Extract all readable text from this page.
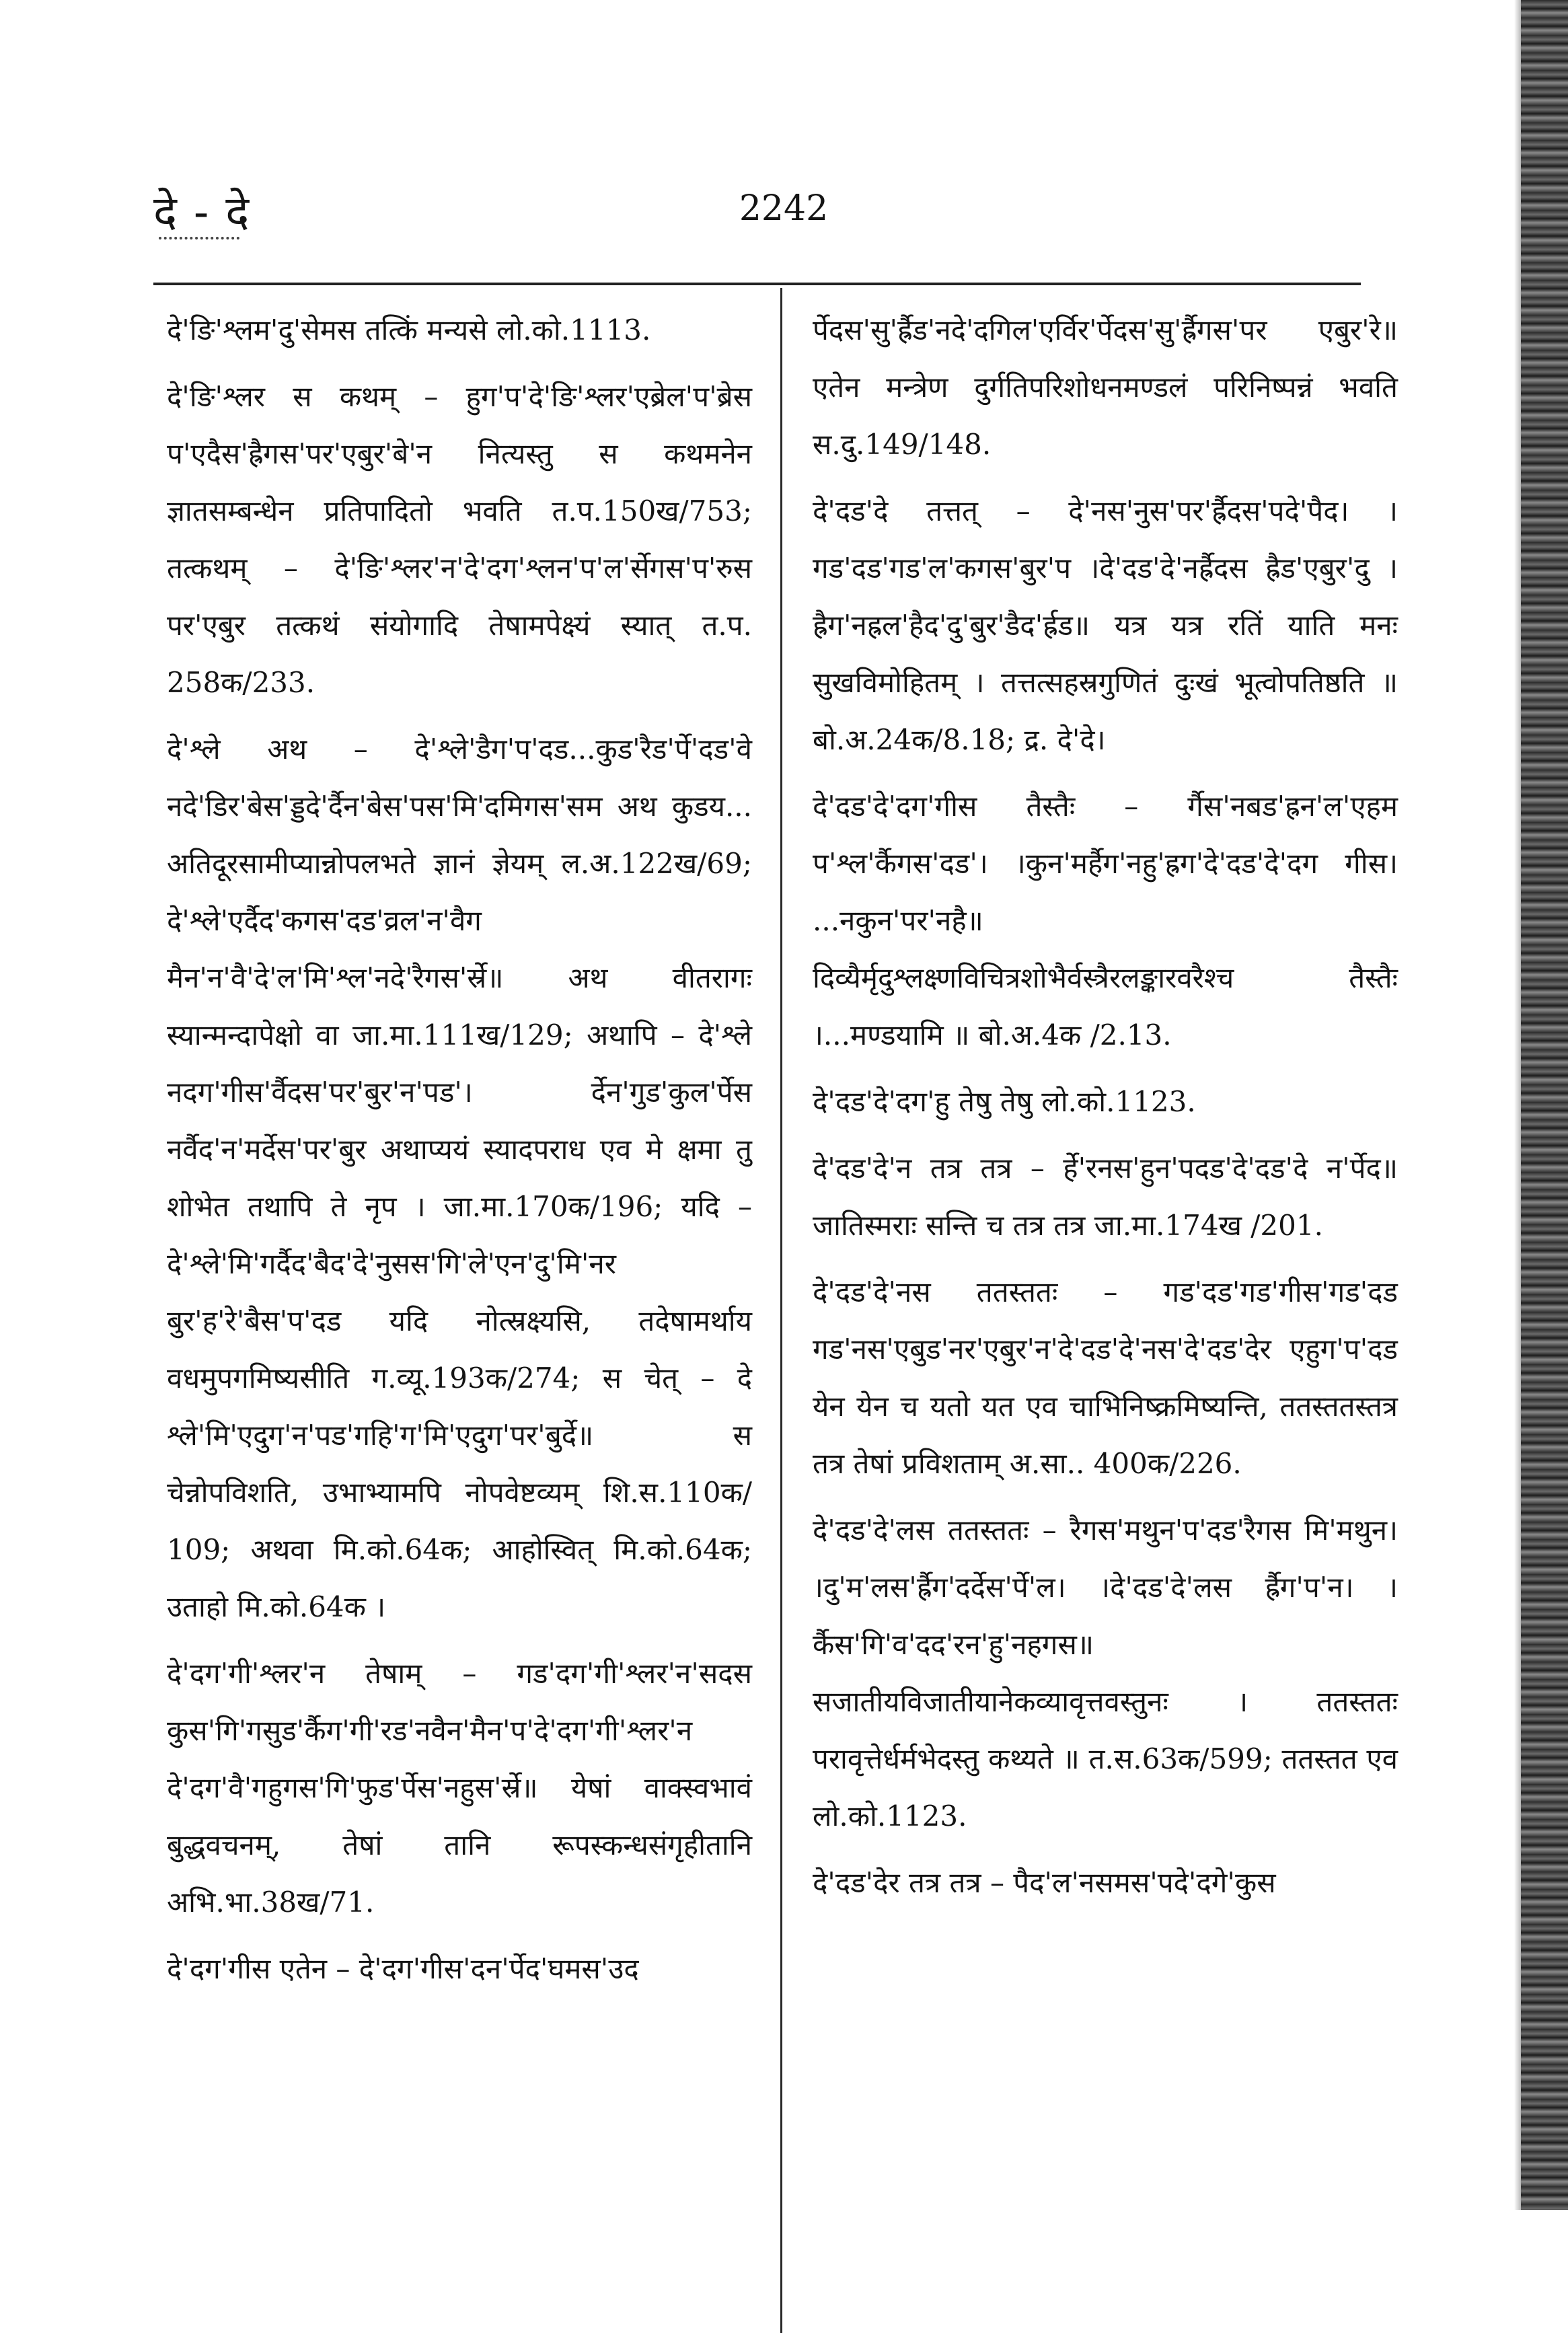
दे - दे	2242

दे'ङि'श्लम'दु'सेमस तत्किं मन्यसे लो.को.1113.

दे'ङि'श्लर स कथम् – हुग'प'दे'ङि'श्लर'एब्रेल'प'ब्रेस प'एदैस'ह्रैगस'पर'एबुर'बे'न नित्यस्तु स कथमनेन ज्ञातसम्बन्धेन प्रतिपादितो भवति त.प.150ख/753; तत्कथम् – दे'ङि'श्लर'न'दे'दग'श्लन'प'ल'र्सेगस'प'रुस पर'एबुर तत्कथं संयोगादि तेषामपेक्ष्यं स्यात् त.प. 258क/233.

दे'श्ले अथ – दे'श्ले'डैग'प'दड...कुड'रैड'र्पे'दड'वे नदे'डिर'बेस'ड्डदे'र्दैन'बेस'पस'मि'दमिगस'सम अथ कुडय... अतिदूरसामीप्यान्नोपलभते ज्ञानं ज्ञेयम् ल.अ.122ख/69; दे'श्ले'एर्दैद'कगस'दड'व्रल'न'वैग मैन'न'वै'दे'ल'मि'श्ल'नदे'रैगस'र्स्रे॥ अथ वीतरागः स्यान्मन्दापेक्षो वा जा.मा.111ख/129; अथापि – दे'श्ले नदग'गीस'र्वैदस'पर'बुर'न'पड'। र्देन'गुड'कुल'र्पेस नर्वैद'न'मर्देस'पर'बुर अथाप्ययं स्यादपराध एव मे क्षमा तु शोभेत तथापि ते नृप । जा.मा.170क/196; यदि – दे'श्ले'मि'गर्दैद'बैद'दे'नुसस'गि'ले'एन'दु'मि'नर बुर'ह'रे'बैस'प'दड यदि नोत्स्रक्ष्यसि, तदेषामर्थाय वधमुपगमिष्यसीति ग.व्यू.193क/274; स चेत् – दे श्ले'मि'एदुग'न'पड'गहि'ग'मि'एदुग'पर'बुर्दे॥ स चेन्नोपविशति, उभाभ्यामपि नोपवेष्टव्यम् शि.स.110क/ 109; अथवा मि.को.64क; आहोस्वित् मि.को.64क; उताहो मि.को.64क ।

दे'दग'गी'श्लर'न तेषाम् – गड'दग'गी'श्लर'न'सदस कुस'गि'गसुड'र्कैग'गी'रड'नवैन'मैन'प'दे'दग'गी'श्लर'न दे'दग'वै'गहुगस'गि'फुड'र्पेस'नहुस'र्स्रे॥ येषां वाक्स्वभावं बुद्धवचनम्, तेषां तानि रूपस्कन्धसंगृहीतानि अभि.भा.38ख/71.

दे'दग'गीस एतेन – दे'दग'गीस'दन'र्पेद'घमस'उद

र्पेदस'सु'र्ह्रैड'नदे'दगिल'एर्विर'र्पेदस'सु'र्ह्रैगस'पर एबुर'रे॥ एतेन मन्त्रेण दुर्गतिपरिशोधनमण्डलं परिनिष्पन्नं भवति स.दु.149/148.

दे'दड'दे तत्तत् – दे'नस'नुस'पर'र्ह्रैदस'पदे'पैद। ।गड'दड'गड'ल'कगस'बुर'प ।दे'दड'दे'नर्ह्रैदस ह्रैड'एबुर'दु ।ह्रैग'नह्रल'हैद'दु'बुर'डैद'र्ह्रड॥ यत्र यत्र रतिं याति मनः सुखविमोहितम् । तत्तत्सहस्रगुणितं दुःखं भूत्वोपतिष्ठति ॥ बो.अ.24क/8.18; द्र. दे'दे।

दे'दड'दे'दग'गीस तैस्तैः – र्गैस'नबड'ह्रन'ल'एहम प'श्ल'र्कैगस'दड'। ।कुन'मर्हैग'नहु'ह्रग'दे'दड'दे'दग गीस। ...नकुन'पर'नहै॥ दिव्यैर्मृदुश्लक्ष्णविचित्रशोभैर्वस्त्रैरलङ्कारवरैश्च तैस्तैः ।...मण्डयामि ॥ बो.अ.4क /2.13.

दे'दड'दे'दग'हु तेषु तेषु लो.को.1123.

दे'दड'दे'न तत्र तत्र – र्हे'रनस'हुन'पदड'दे'दड'दे न'र्पेद॥ जातिस्मराः सन्ति च तत्र तत्र जा.मा.174ख /201.

दे'दड'दे'नस ततस्ततः – गड'दड'गड'गीस'गड'दड गड'नस'एबुड'नर'एबुर'न'दे'दड'दे'नस'दे'दड'देर एहुग'प'दड येन येन च यतो यत एव चाभिनिष्क्रमिष्यन्ति, ततस्ततस्तत्र तत्र तेषां प्रविशताम् अ.सा.. 400क/226.

दे'दड'दे'लस ततस्ततः – रैगस'मथुन'प'दड'रैगस मि'मथुन। ।दु'म'लस'र्ह्रैग'दर्देस'र्पे'ल। ।दे'दड'दे'लस र्ह्रैग'प'न। ।र्कैस'गि'व'दद'रन'हु'नहगस॥ सजातीयविजातीयानेकव्यावृत्तवस्तुनः । ततस्ततः परावृत्तेर्धर्मभेदस्तु कथ्यते ॥ त.स.63क/599; ततस्तत एव लो.को.1123.

दे'दड'देर तत्र तत्र – पैद'ल'नसमस'पदे'दगे'कुस
